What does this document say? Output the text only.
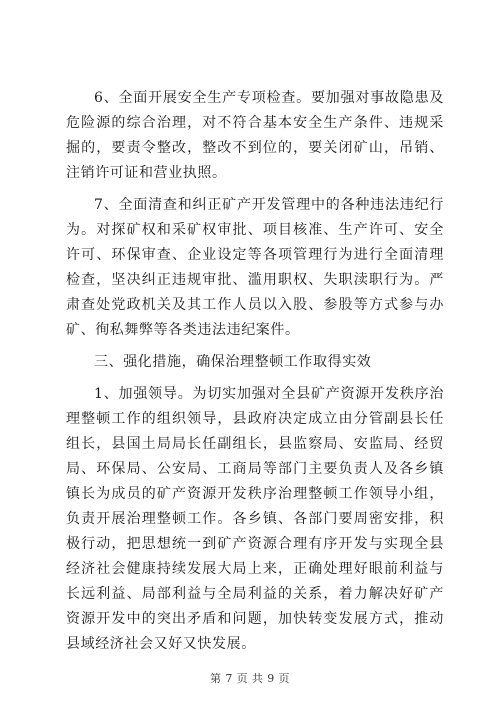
6、全面开展安全生产专项检查。要加强对事故隐患及危险源的综合治理，对不符合基本安全生产条件、违规采掘的，要责令整改，整改不到位的，要关闭矿山，吊销、注销许可证和营业执照。

7、全面清查和纠正矿产开发管理中的各种违法违纪行为。对探矿权和采矿权审批、项目核准、生产许可、安全许可、环保审查、企业设定等各项管理行为进行全面清理检查，坚决纠正违规审批、滥用职权、失职渎职行为。严肃查处党政机关及其工作人员以入股、参股等方式参与办矿、徇私舞弊等各类违法违纪案件。

三、强化措施，确保治理整顿工作取得实效

1、加强领导。为切实加强对全县矿产资源开发秩序治理整顿工作的组织领导，县政府决定成立由分管副县长任组长，县国土局局长任副组长，县监察局、安监局、经贸局、环保局、公安局、工商局等部门主要负责人及各乡镇镇长为成员的矿产资源开发秩序治理整顿工作领导小组，负责开展治理整顿工作。各乡镇、各部门要周密安排，积极行动，把思想统一到矿产资源合理有序开发与实现全县经济社会健康持续发展大局上来，正确处理好眼前利益与长远利益、局部利益与全局利益的关系，着力解决好矿产资源开发中的突出矛盾和问题，加快转变发展方式，推动县域经济社会又好又快发展。

第 7 页 共 9 页
